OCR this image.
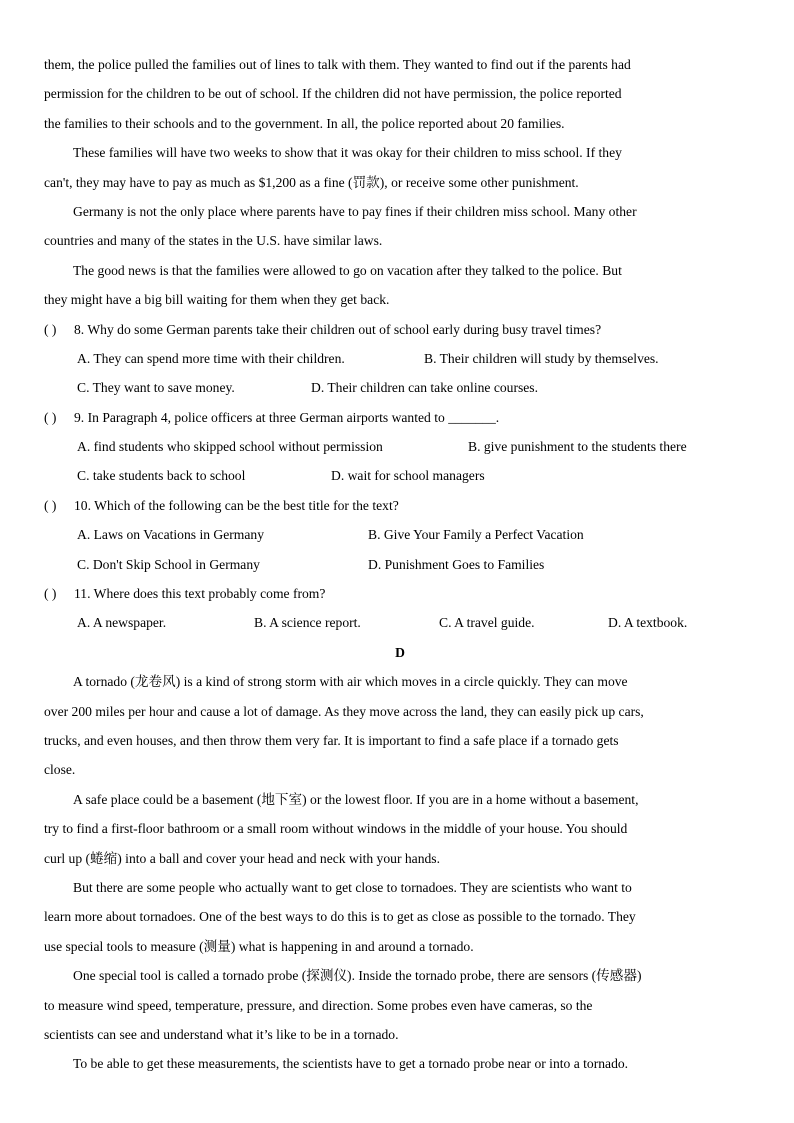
them, the police pulled the families out of lines to talk with them. They wanted to find out if the parents had
permission for the children to be out of school. If the children did not have permission, the police reported
the families to their schools and to the government. In all, the police reported about 20 families.
These families will have two weeks to show that it was okay for their children to miss school. If they
can't, they may have to pay as much as $1,200 as a fine (罚款), or receive some other punishment.
Germany is not the only place where parents have to pay fines if their children miss school. Many other
countries and many of the states in the U.S. have similar laws.
The good news is that the families were allowed to go on vacation after they talked to the police. But
they might have a big bill waiting for them when they get back.
( ) 8. Why do some German parents take their children out of school early during busy travel times?
A. They can spend more time with their children.	B. Their children will study by themselves.
C. They want to save money.	D. Their children can take online courses.
( ) 9. In Paragraph 4, police officers at three German airports wanted to _______.
A. find students who skipped school without permission	B. give punishment to the students there
C. take students back to school	D. wait for school managers
( ) 10. Which of the following can be the best title for the text?
A. Laws on Vacations in Germany	B. Give Your Family a Perfect Vacation
C. Don't Skip School in Germany	D. Punishment Goes to Families
( ) 11. Where does this text probably come from?
A. A newspaper.	B. A science report.	C. A travel guide.	D. A textbook.
D
A tornado (龙卷风) is a kind of strong storm with air which moves in a circle quickly. They can move
over 200 miles per hour and cause a lot of damage. As they move across the land, they can easily pick up cars,
trucks, and even houses, and then throw them very far. It is important to find a safe place if a tornado gets
close.
A safe place could be a basement (地下室) or the lowest floor. If you are in a home without a basement,
try to find a first-floor bathroom or a small room without windows in the middle of your house. You should
curl up (蜷缩) into a ball and cover your head and neck with your hands.
But there are some people who actually want to get close to tornadoes. They are scientists who want to
learn more about tornadoes. One of the best ways to do this is to get as close as possible to the tornado. They
use special tools to measure (测量) what is happening in and around a tornado.
One special tool is called a tornado probe (探测仪). Inside the tornado probe, there are sensors (传感器)
to measure wind speed, temperature, pressure, and direction. Some probes even have cameras, so the
scientists can see and understand what it’s like to be in a tornado.
To be able to get these measurements, the scientists have to get a tornado probe near or into a tornado.
